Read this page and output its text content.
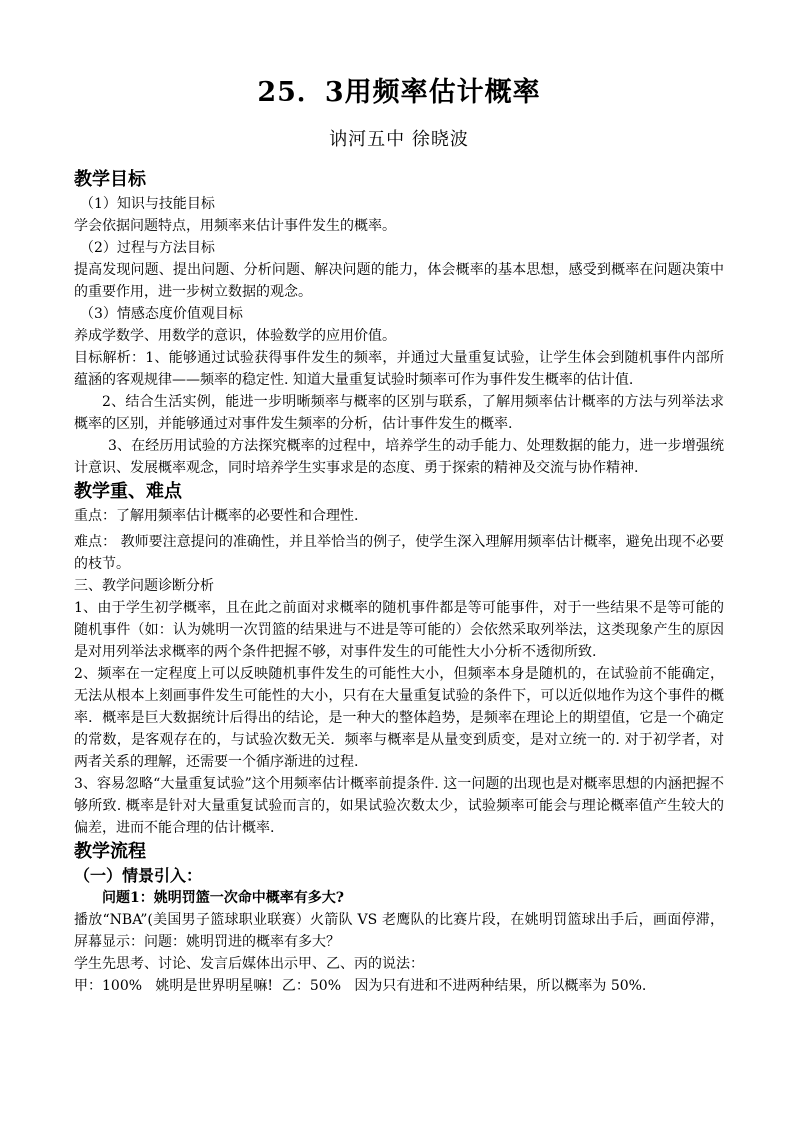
25．3用频率估计概率
讷河五中 徐晓波
教学目标

（1）知识与技能目标

学会依据问题特点，用频率来估计事件发生的概率。

（2）过程与方法目标

提高发现问题、提出问题、分析问题、解决问题的能力，体会概率的基本思想，感受到概率在问题决策中的重要作用，进一步树立数据的观念。

（3）情感态度价值观目标

养成学数学、用数学的意识，体验数学的应用价值。

目标解析：1、能够通过试验获得事件发生的频率，并通过大量重复试验，让学生体会到随机事件内部所蕴涵的客观规律——频率的稳定性. 知道大量重复试验时频率可作为事件发生概率的估计值.

2、结合生活实例，能进一步明晰频率与概率的区别与联系，了解用频率估计概率的方法与列举法求概率的区别，并能够通过对事件发生频率的分析，估计事件发生的概率.

3、在经历用试验的方法探究概率的过程中，培养学生的动手能力、处理数据的能力，进一步增强统计意识、发展概率观念，同时培养学生实事求是的态度、勇于探索的精神及交流与协作精神.

教学重、难点

重点：了解用频率估计概率的必要性和合理性.

难点： 教师要注意提问的准确性，并且举恰当的例子，使学生深入理解用频率估计概率，避免出现不必要的枝节。

三、教学问题诊断分析

1、由于学生初学概率，且在此之前面对求概率的随机事件都是等可能事件，对于一些结果不是等可能的随机事件（如：认为姚明一次罚篮的结果进与不进是等可能的）会依然采取列举法，这类现象产生的原因是对用列举法求概率的两个条件把握不够，对事件发生的可能性大小分析不透彻所致.

2、频率在一定程度上可以反映随机事件发生的可能性大小，但频率本身是随机的，在试验前不能确定，无法从根本上刻画事件发生可能性的大小，只有在大量重复试验的条件下，可以近似地作为这个事件的概率．概率是巨大数据统计后得出的结论，是一种大的整体趋势，是频率在理论上的期望值，它是一个确定的常数，是客观存在的，与试验次数无关．频率与概率是从量变到质变，是对立统一的. 对于初学者，对两者关系的理解，还需要一个循序渐进的过程.

3、容易忽略“大量重复试验”这个用频率估计概率前提条件. 这一问题的出现也是对概率思想的内涵把握不够所致. 概率是针对大量重复试验而言的，如果试验次数太少，试验频率可能会与理论概率值产生较大的偏差，进而不能合理的估计概率.

教学流程

（一）情景引入：

问题1：姚明罚篮一次命中概率有多大?

播放“NBA”(美国男子篮球职业联赛）火箭队 VS 老鹰队的比赛片段，在姚明罚篮球出手后，画面停滞，屏幕显示：问题：姚明罚进的概率有多大？

学生先思考、讨论、发言后媒体出示甲、乙、丙的说法：

甲：100%   姚明是世界明星嘛!  乙：50%   因为只有进和不进两种结果，所以概率为 50%.
